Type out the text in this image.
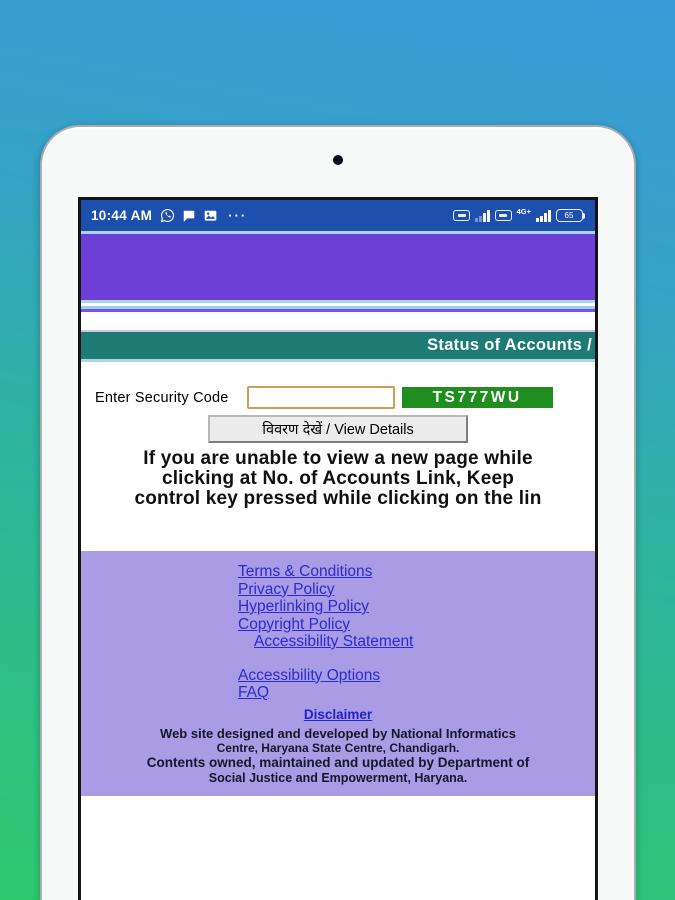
10:44 AM	···	4G+	65
Status of Accounts /
Enter Security Code	TS777WU
विवरण देखें / View Details
If you are unable to view a new page while
clicking at No. of Accounts Link, Keep
control key pressed while clicking on the lin
Terms & Conditions
Privacy Policy
Hyperlinking Policy
Copyright Policy
Accessibility Statement
Accessibility Options
FAQ
Disclaimer
Web site designed and developed by National Informatics
Centre, Haryana State Centre, Chandigarh.
Contents owned, maintained and updated by Department of
Social Justice and Empowerment, Haryana.
